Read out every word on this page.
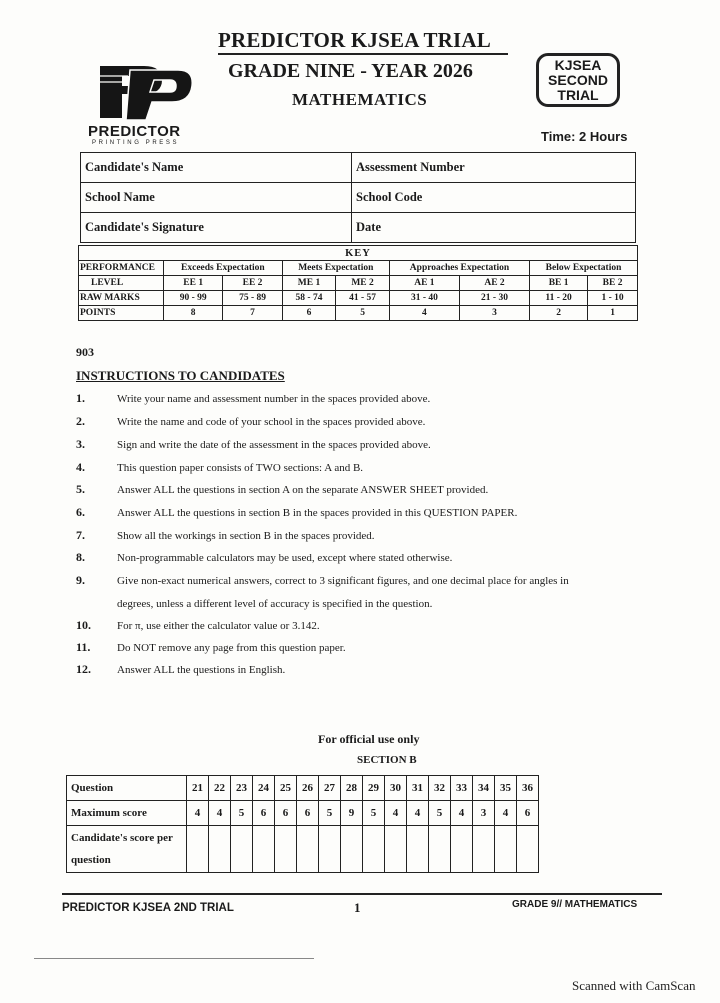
PREDICTOR KJSEA TRIAL
GRADE NINE - YEAR 2026
MATHEMATICS
KJSEA
SECOND
TRIAL
PREDICTOR
PRINTING PRESS	Time: 2 Hours
Candidate's Name	Assessment Number
School Name	School Code
Candidate's Signature	Date
KEY								
PERFORMANCE	Exceeds Expectation		Meets Expectation		Approaches Expectation		Below Expectation	
LEVEL	EE 1	EE 2	ME 1	ME 2	AE 1	AE 2	BE 1	BE 2
RAW MARKS	90 - 99	75 - 89	58 - 74	41 - 57	31 - 40	21 - 30	11 - 20	1 - 10
POINTS	8	7	6	5	4	3	2	1
903
INSTRUCTIONS TO CANDIDATES
1.	Write your name and assessment number in the spaces provided above.
2.	Write the name and code of your school in the spaces provided above.
3.	Sign and write the date of the assessment in the spaces provided above.
4.	This question paper consists of TWO sections: A and B.
5.	Answer ALL the questions in section A on the separate ANSWER SHEET provided.
6.	Answer ALL the questions in section B in the spaces provided in this QUESTION PAPER.
7.	Show all the workings in section B in the spaces provided.
8.	Non-programmable calculators may be used, except where stated otherwise.
9.	Give non-exact numerical answers, correct to 3 significant figures, and one decimal place for angles in
degrees, unless a different level of accuracy is specified in the question.
10. For π, use either the calculator value or 3.142.
11. Do NOT remove any page from this question paper.
12. Answer ALL the questions in English.
For official use only
SECTION B
Question	21	22	23	24	25	26	27	28	29	30	31	32	33	34	35	36
Maximum score	4	4	5	6	6	6	5	9	5	4	4	5	4	3	4	6

Candidate's score per
question																

PREDICTOR KJSEA 2ND TRIAL	1	GRADE 9// MATHEMATICS
Scanned with CamScan
